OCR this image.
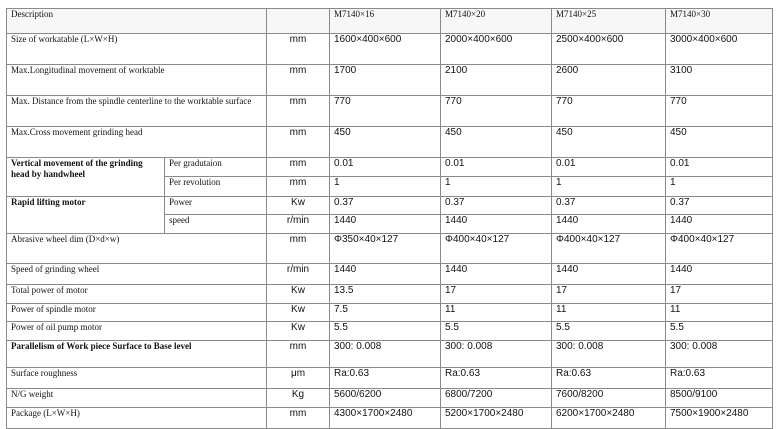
Description			M7140×16	M7140×20	M7140×25	M7140×30
Size of workatable (L×W×H)		mm	1600×400×600	2000×400×600	2500×400×600	3000×400×600
Max.Longitudinal movement of worktable		mm	1700	2100	2600	3100
Max. Distance from the spindle centerline to the worktable surface		mm	770	770	770	770
Max.Cross movement grinding head		mm	450	450	450	450
Vertical movement of the grinding head by handwheel	Per gradutaion	mm	0.01	0.01	0.01	0.01
	Per revolution	mm	1	1	1	1
Rapid lifting motor	Power	Kw	0.37	0.37	0.37	0.37
	speed	r/min	1440	1440	1440	1440
Abrasive wheel dim (D×d×w)		mm	Φ350×40×127	Φ400×40×127	Φ400×40×127	Φ400×40×127
Speed of grinding wheel		r/min	1440	1440	1440	1440
Total power of motor		Kw	13.5	17	17	17
Power of spindle motor		Kw	7.5	11	11	11
Power of oil pump motor		Kw	5.5	5.5	5.5	5.5
Parallelism of Work piece Surface to Base level		mm	300: 0.008	300: 0.008	300: 0.008	300: 0.008
Surface roughness		μm	Ra:0.63	Ra:0.63	Ra:0.63	Ra:0.63
N/G weight		Kg	5600/6200	6800/7200	7600/8200	8500/9100
Package (L×W×H)		mm	4300×1700×2480	5200×1700×2480	6200×1700×2480	7500×1900×2480
